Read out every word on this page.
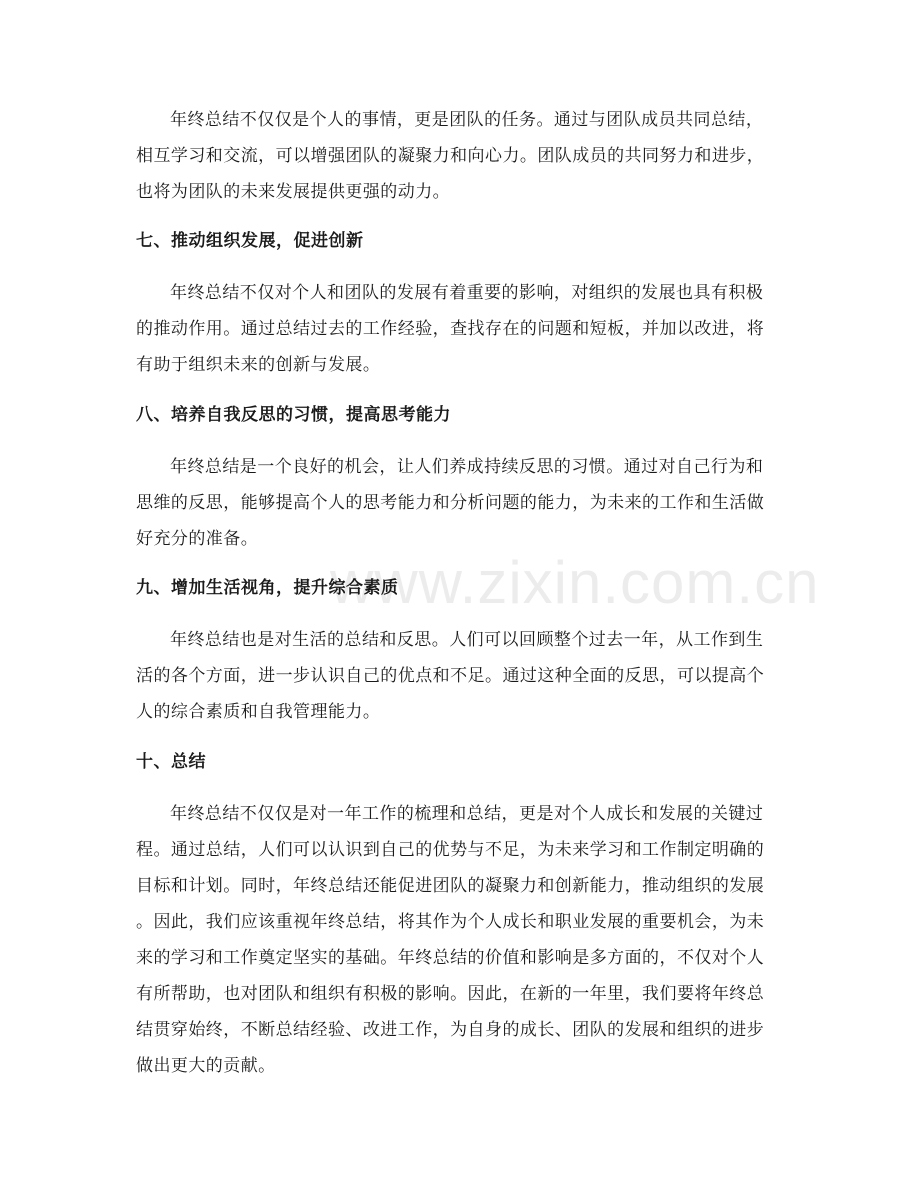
年终总结不仅仅是个人的事情，更是团队的任务。通过与团队成员共同总结，
相互学习和交流，可以增强团队的凝聚力和向心力。团队成员的共同努力和进步，
也将为团队的未来发展提供更强的动力。
七、推动组织发展，促进创新
年终总结不仅对个人和团队的发展有着重要的影响，对组织的发展也具有积极
的推动作用。通过总结过去的工作经验，查找存在的问题和短板，并加以改进，将
有助于组织未来的创新与发展。
八、培养自我反思的习惯，提高思考能力
年终总结是一个良好的机会，让人们养成持续反思的习惯。通过对自己行为和
思维的反思，能够提高个人的思考能力和分析问题的能力，为未来的工作和生活做
好充分的准备。
九、增加生活视角，提升综合素质
年终总结也是对生活的总结和反思。人们可以回顾整个过去一年，从工作到生
活的各个方面，进一步认识自己的优点和不足。通过这种全面的反思，可以提高个
人的综合素质和自我管理能力。
十、总结
年终总结不仅仅是对一年工作的梳理和总结，更是对个人成长和发展的关键过
程。通过总结，人们可以认识到自己的优势与不足，为未来学习和工作制定明确的
目标和计划。同时，年终总结还能促进团队的凝聚力和创新能力，推动组织的发展
。因此，我们应该重视年终总结，将其作为个人成长和职业发展的重要机会，为未
来的学习和工作奠定坚实的基础。年终总结的价值和影响是多方面的，不仅对个人
有所帮助，也对团队和组织有积极的影响。因此，在新的一年里，我们要将年终总
结贯穿始终，不断总结经验、改进工作，为自身的成长、团队的发展和组织的进步
做出更大的贡献。
www.zixin.com.cn
